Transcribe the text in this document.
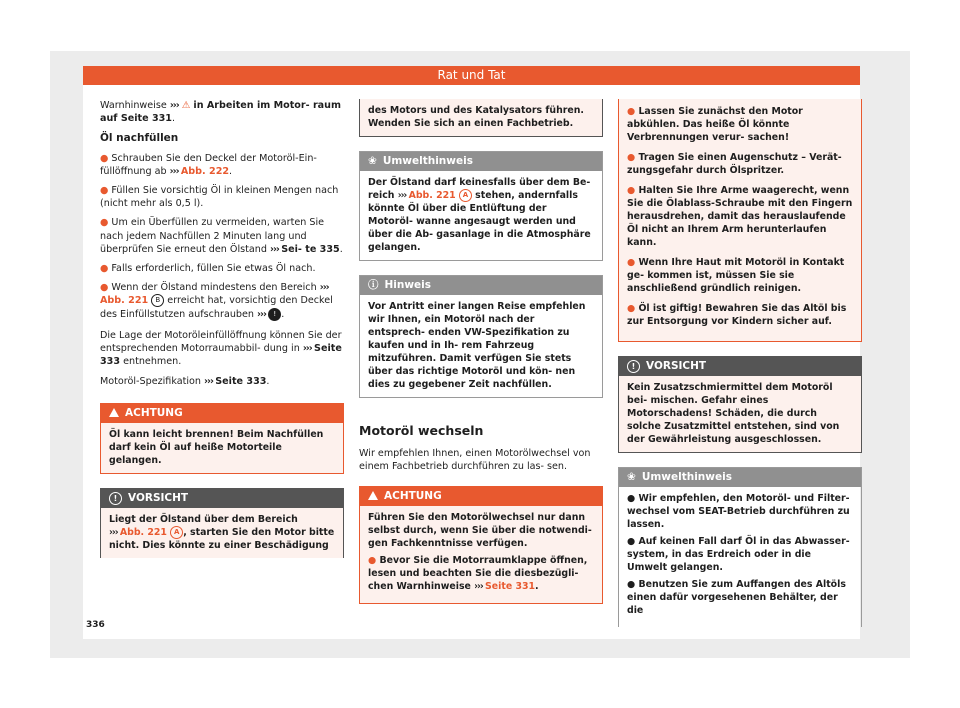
Rat und Tat

Warnhinweise ››› ⚠ in Arbeiten im Motor- raum auf Seite 331.

Öl nachfüllen
● Schrauben Sie den Deckel der Motoröl-Ein- füllöffnung ab ››› Abb. 222.
● Füllen Sie vorsichtig Öl in kleinen Mengen nach (nicht mehr als 0,5 l).
● Um ein Überfüllen zu vermeiden, warten Sie nach jedem Nachfüllen 2 Minuten lang und überprüfen Sie erneut den Ölstand ››› Sei- te 335.
● Falls erforderlich, füllen Sie etwas Öl nach.
● Wenn der Ölstand mindestens den Bereich ››› Abb. 221 B erreicht hat, vorsichtig den Deckel des Einfüllstutzen aufschrauben ››› ! .

Die Lage der Motoröleinfüllöffnung können Sie der entsprechenden Motorraumabbil- dung in ››› Seite 333 entnehmen.

Motoröl-Spezifikation ››› Seite 333.

ACHTUNG
Öl kann leicht brennen! Beim Nachfüllen darf kein Öl auf heiße Motorteile gelangen.
! VORSICHT
Liegt der Ölstand über dem Bereich
››› Abb. 221 A , starten Sie den Motor bitte nicht. Dies könnte zu einer Beschädigung
des Motors und des Katalysators führen. Wenden Sie sich an einen Fachbetrieb.
❀ Umwelthinweis
Der Ölstand darf keinesfalls über dem Be- reich ››› Abb. 221 A stehen, andernfalls könnte Öl über die Entlüftung der Motoröl- wanne angesaugt werden und über die Ab- gasanlage in die Atmosphäre gelangen.
ⓘ Hinweis
Vor Antritt einer langen Reise empfehlen wir Ihnen, ein Motoröl nach der entsprech- enden VW-Spezifikation zu kaufen und in Ih- rem Fahrzeug mitzuführen. Damit verfügen Sie stets über das richtige Motoröl und kön- nen dies zu gegebener Zeit nachfüllen.
Motoröl wechseln

Wir empfehlen Ihnen, einen Motorölwechsel von einem Fachbetrieb durchführen zu las- sen.

ACHTUNG

Führen Sie den Motorölwechsel nur dann selbst durch, wenn Sie über die notwendi- gen Fachkenntnisse verfügen.

● Bevor Sie die Motorraumklappe öffnen, lesen und beachten Sie die diesbezügli- chen Warnhinweise ››› Seite 331.

● Lassen Sie zunächst den Motor abkühlen. Das heiße Öl könnte Verbrennungen verur- sachen!

● Tragen Sie einen Augenschutz – Verät- zungsgefahr durch Ölspritzer.

● Halten Sie Ihre Arme waagerecht, wenn Sie die Ölablass-Schraube mit den Fingern herausdrehen, damit das herauslaufende Öl nicht an Ihrem Arm herunterlaufen kann.

● Wenn Ihre Haut mit Motoröl in Kontakt ge- kommen ist, müssen Sie sie anschließend gründlich reinigen.

● Öl ist giftig! Bewahren Sie das Altöl bis zur Entsorgung vor Kindern sicher auf.

! VORSICHT
Kein Zusatzschmiermittel dem Motoröl bei- mischen. Gefahr eines Motorschadens! Schäden, die durch solche Zusatzmittel entstehen, sind von der Gewährleistung ausgeschlossen.
❀ Umwelthinweis

● Wir empfehlen, den Motoröl- und Filter- wechsel vom SEAT-Betrieb durchführen zu lassen.

● Auf keinen Fall darf Öl in das Abwasser- system, in das Erdreich oder in die Umwelt gelangen.

● Benutzen Sie zum Auffangen des Altöls einen dafür vorgesehenen Behälter, der die

336
